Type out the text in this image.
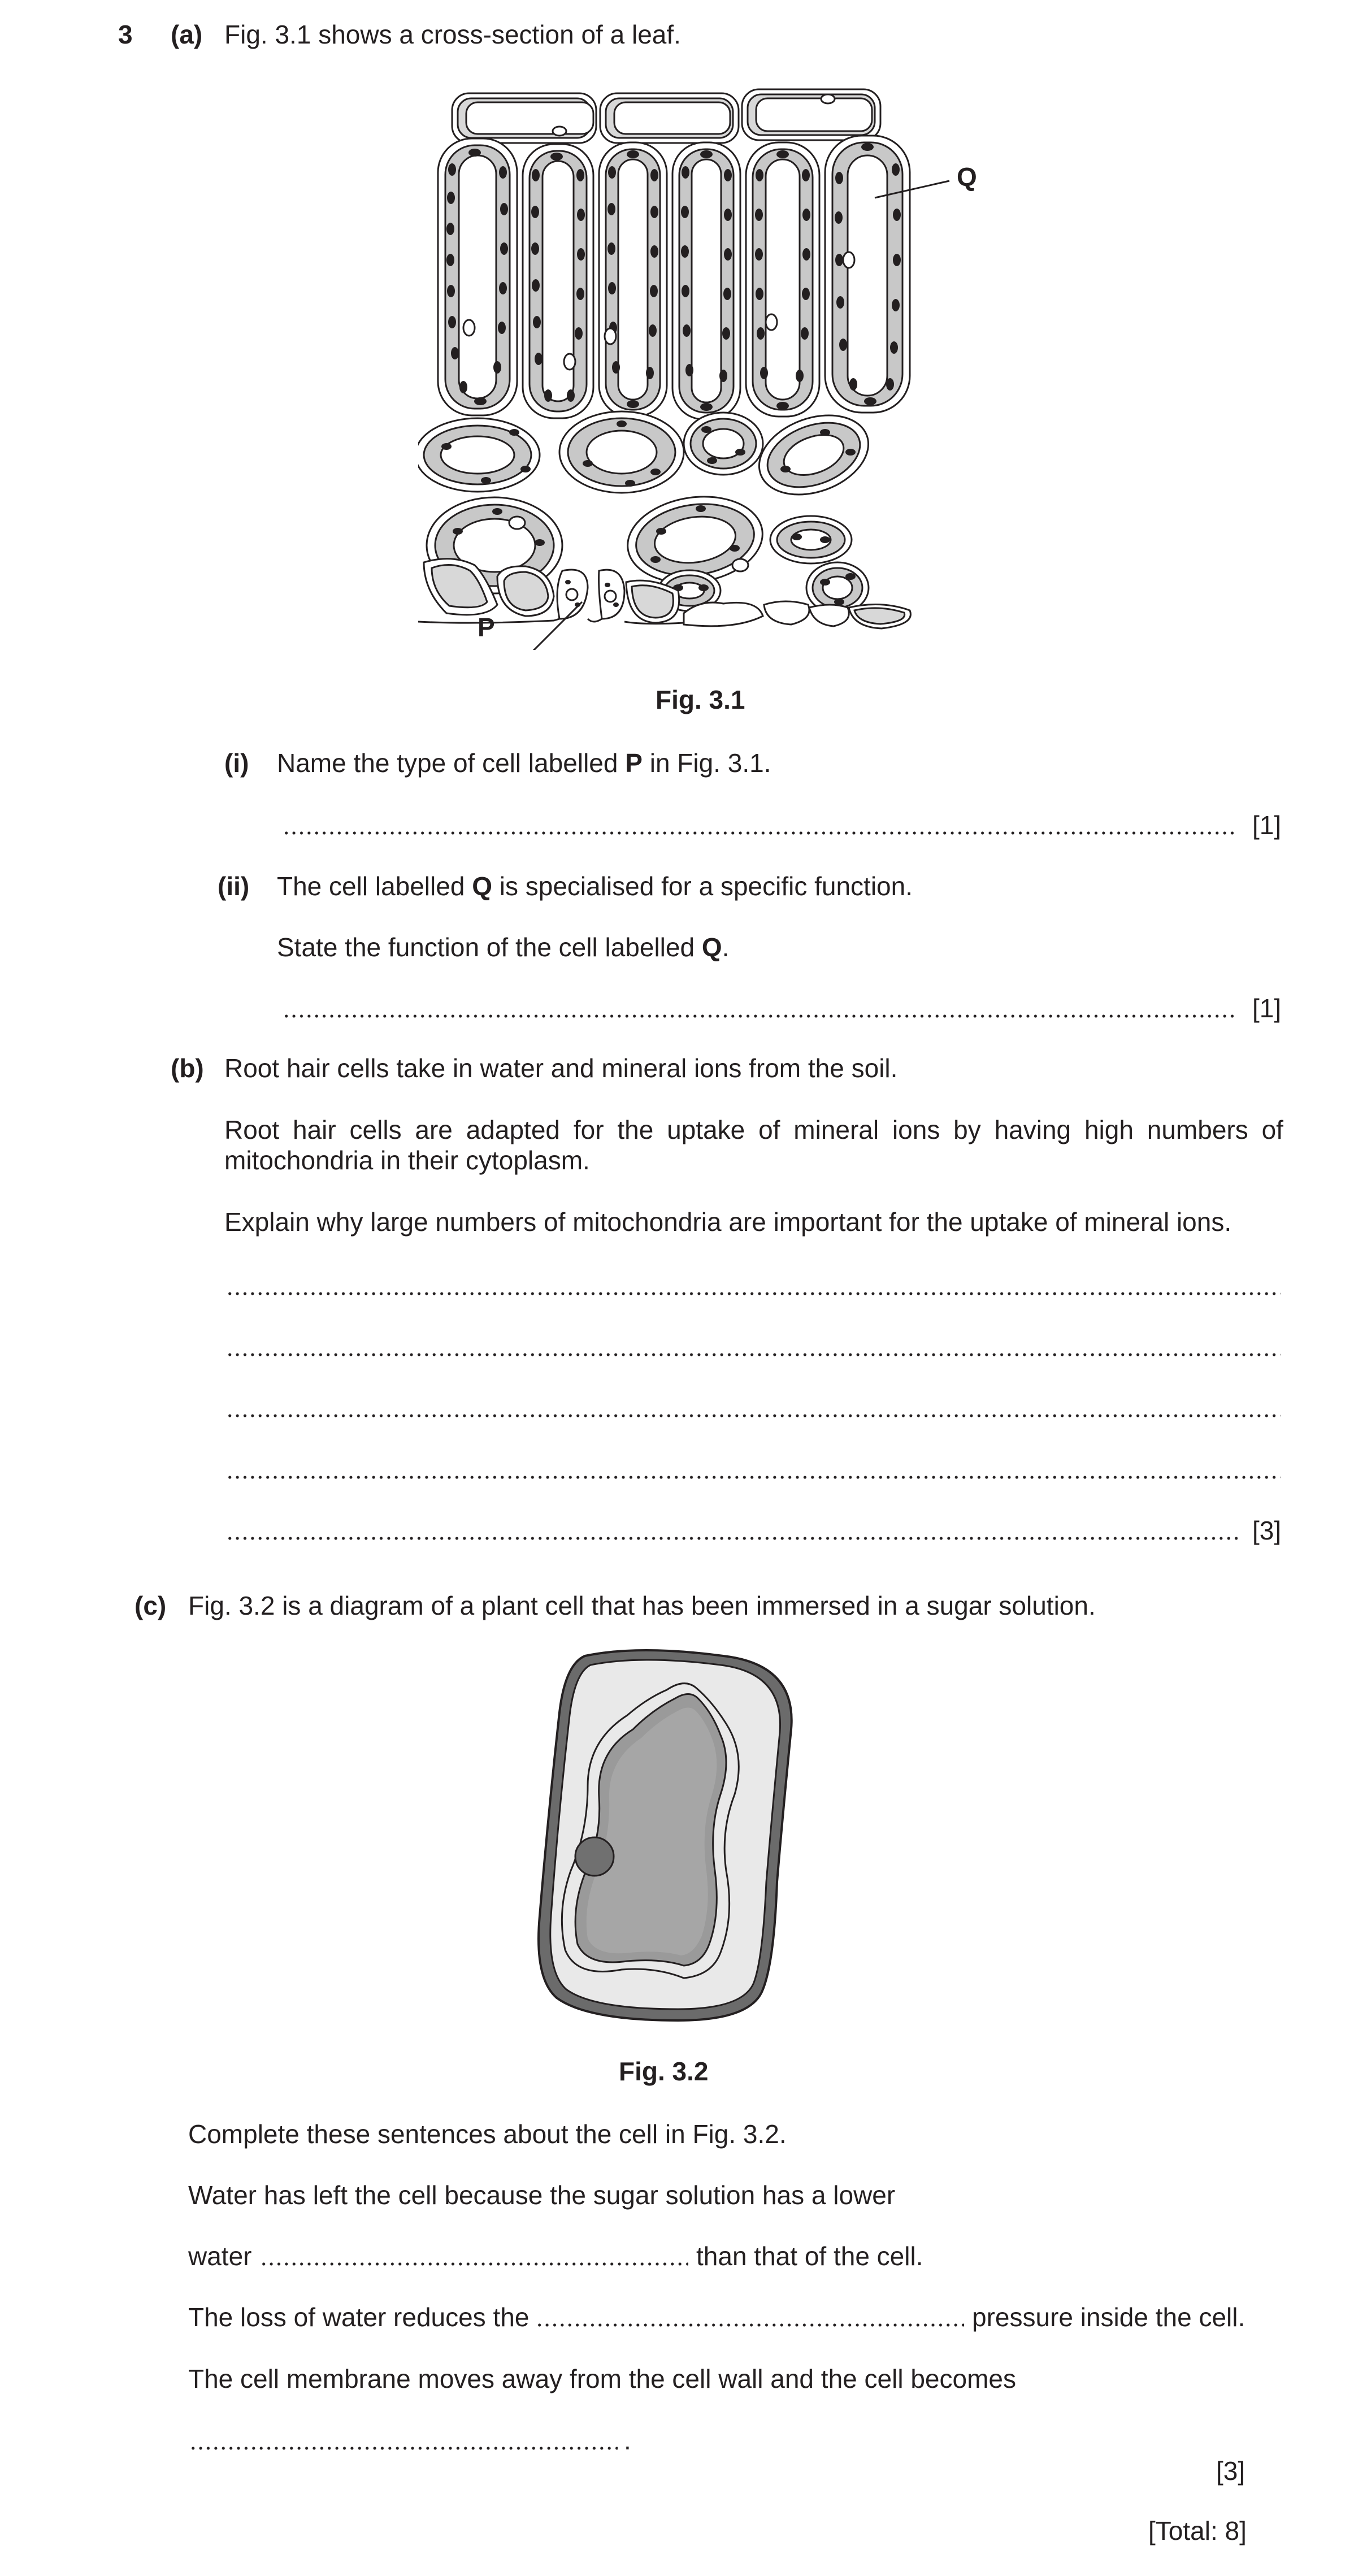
3 (a) Fig. 3.1 shows a cross-section of a leaf.
Q
P
Fig. 3.1
(i) Name the type of cell labelled P in Fig. 3.1.
[1]
(ii) The cell labelled Q is specialised for a specific function.
State the function of the cell labelled Q.
[1]
(b) Root hair cells take in water and mineral ions from the soil.
Root hair cells are adapted for the uptake of mineral ions by having high numbers of
mitochondria in their cytoplasm.
Explain why large numbers of mitochondria are important for the uptake of mineral ions.
[3]
(c) Fig. 3.2 is a diagram of a plant cell that has been immersed in a sugar solution.
Fig. 3.2
Complete these sentences about the cell in Fig. 3.2.
Water has left the cell because the sugar solution has a lower
water	than that of the cell.
The loss of water reduces the	pressure inside the cell.
The cell membrane moves away from the cell wall and the cell becomes
.
[3]
[Total: 8]
